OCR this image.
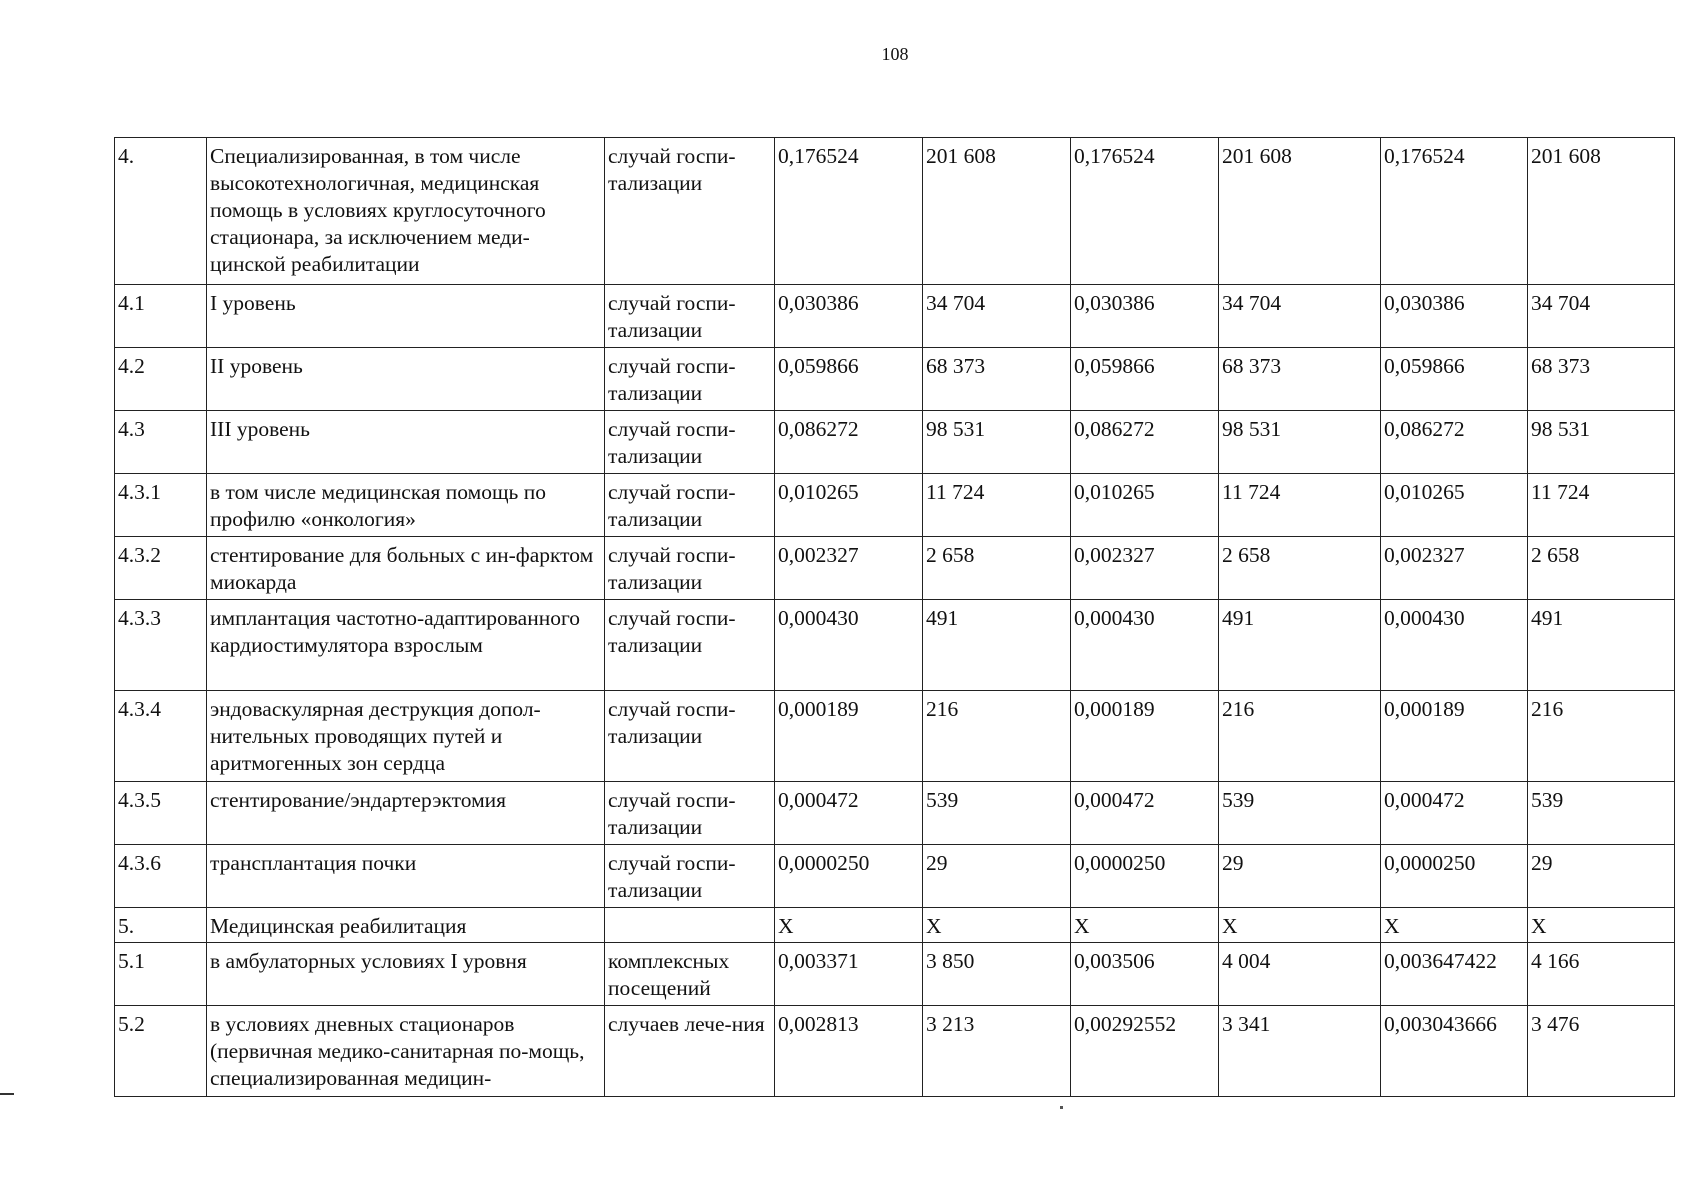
108
4.	Специализированная, в том числе высокотехнологичная, медицинская помощь в условиях круглосуточного стационара, за исключением меди-цинской реабилитации	случай госпи-тализации	0,176524	201 608	0,176524	201 608	0,176524	201 608
4.1	I уровень	случай госпи-тализации	0,030386	34 704	0,030386	34 704	0,030386	34 704
4.2	II уровень	случай госпи-тализации	0,059866	68 373	0,059866	68 373	0,059866	68 373
4.3	III уровень	случай госпи-тализации	0,086272	98 531	0,086272	98 531	0,086272	98 531
4.3.1	в том числе медицинская помощь по профилю «онкология»	случай госпи-тализации	0,010265	11 724	0,010265	11 724	0,010265	11 724
4.3.2	стентирование для больных с ин-фарктом миокарда	случай госпи-тализации	0,002327	2 658	0,002327	2 658	0,002327	2 658
4.3.3	имплантация частотно-адаптированного кардиостимулятора взрослым	случай госпи-тализации	0,000430	491	0,000430	491	0,000430	491
4.3.4	эндоваскулярная деструкция допол-нительных проводящих путей и аритмогенных зон сердца	случай госпи-тализации	0,000189	216	0,000189	216	0,000189	216
4.3.5	стентирование/эндартерэктомия	случай госпи-тализации	0,000472	539	0,000472	539	0,000472	539
4.3.6	трансплантация почки	случай госпи-тализации	0,0000250	29	0,0000250	29	0,0000250	29
5.	Медицинская реабилитация		X	X	X	X	X	X
5.1	в амбулаторных условиях I уровня	комплексных посещений	0,003371	3 850	0,003506	4 004	0,003647422	4 166
5.2	в условиях дневных стационаров (первичная медико-санитарная по-мощь, специализированная медицин-	случаев лече-ния	0,002813	3 213	0,00292552	3 341	0,003043666	3 476
